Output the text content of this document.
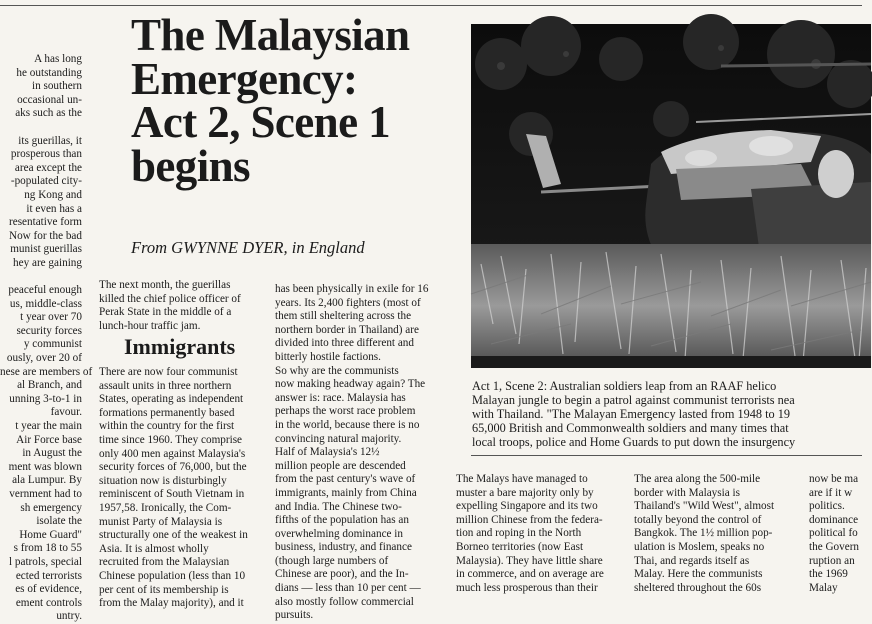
A has long
he outstanding
in southern
occasional un-
aks such as the

its guerillas, it
prosperous than
area except the
-populated city-
ng Kong and
it even has a
resentative form
Now for the bad
munist guerillas
hey are gaining

peaceful enough
us, middle-class
t year over 70
security forces
y communist
ously, over 20 of
nese are members of
al Branch, and
unning 3-to-1 in
favour.
t year the main
Air Force base
in August the
ment was blown
ala Lumpur. By
vernment had to
sh emergency
isolate the
Home Guard"
s from 18 to 55
l patrols, special
ected terrorists
es of evidence,
ement controls
untry.
The Malaysian
Emergency:
Act 2, Scene 1
begins

From GWYNNE DYER, in England

The next month, the guerillas
killed the chief police officer of
Perak State in the middle of a
lunch-hour traffic jam.
Immigrants
There are now four communist
assault units in three northern
States, operating as independent
formations permanently based
within the country for the first
time since 1960. They comprise
only 400 men against Malaysia's
security forces of 76,000, but the
situation now is disturbingly
reminiscent of South Vietnam in
1957,58. Ironically, the Com-
munist Party of Malaysia is
structurally one of the weakest in
Asia. It is almost wholly
recruited from the Malaysian
Chinese population (less than 10
per cent of its membership is
from the Malay majority), and it
has been physically in exile for 16
years. Its 2,400 fighters (most of
them still sheltering across the
northern border in Thailand) are
divided into three different and
bitterly hostile factions.
So why are the communists
now making headway again? The
answer is: race. Malaysia has
perhaps the worst race problem
in the world, because there is no
convincing natural majority.
Half of Malaysia's 12½
million people are descended
from the past century's wave of
immigrants, mainly from China
and India. The Chinese two-
fifths of the population has an
overwhelming dominance in
business, industry, and finance
(though large numbers of
Chinese are poor), and the In-
dians — less than 10 per cent —
also mostly follow commercial
pursuits.
Act 1, Scene 2: Australian soldiers leap from an RAAF helico
Malayan jungle to begin a patrol against communist terrorists nea
with Thailand. "The Malayan Emergency lasted from 1948 to 19
65,000 British and Commonwealth soldiers and many times that
local troops, police and Home Guards to put down the insurgency
The Malays have managed to
muster a bare majority only by
expelling Singapore and its two
million Chinese from the federa-
tion and roping in the North
Borneo territories (now East
Malaysia). They have little share
in commerce, and on average are
much less prosperous than their
The area along the 500-mile
border with Malaysia is
Thailand's "Wild West", almost
totally beyond the control of
Bangkok. The 1½ million pop-
ulation is Moslem, speaks no
Thai, and regards itself as
Malay. Here the communists
sheltered throughout the 60s
now be ma
are if it w
politics.
dominance
political fo
the Govern
ruption an
the 1969
Malay
